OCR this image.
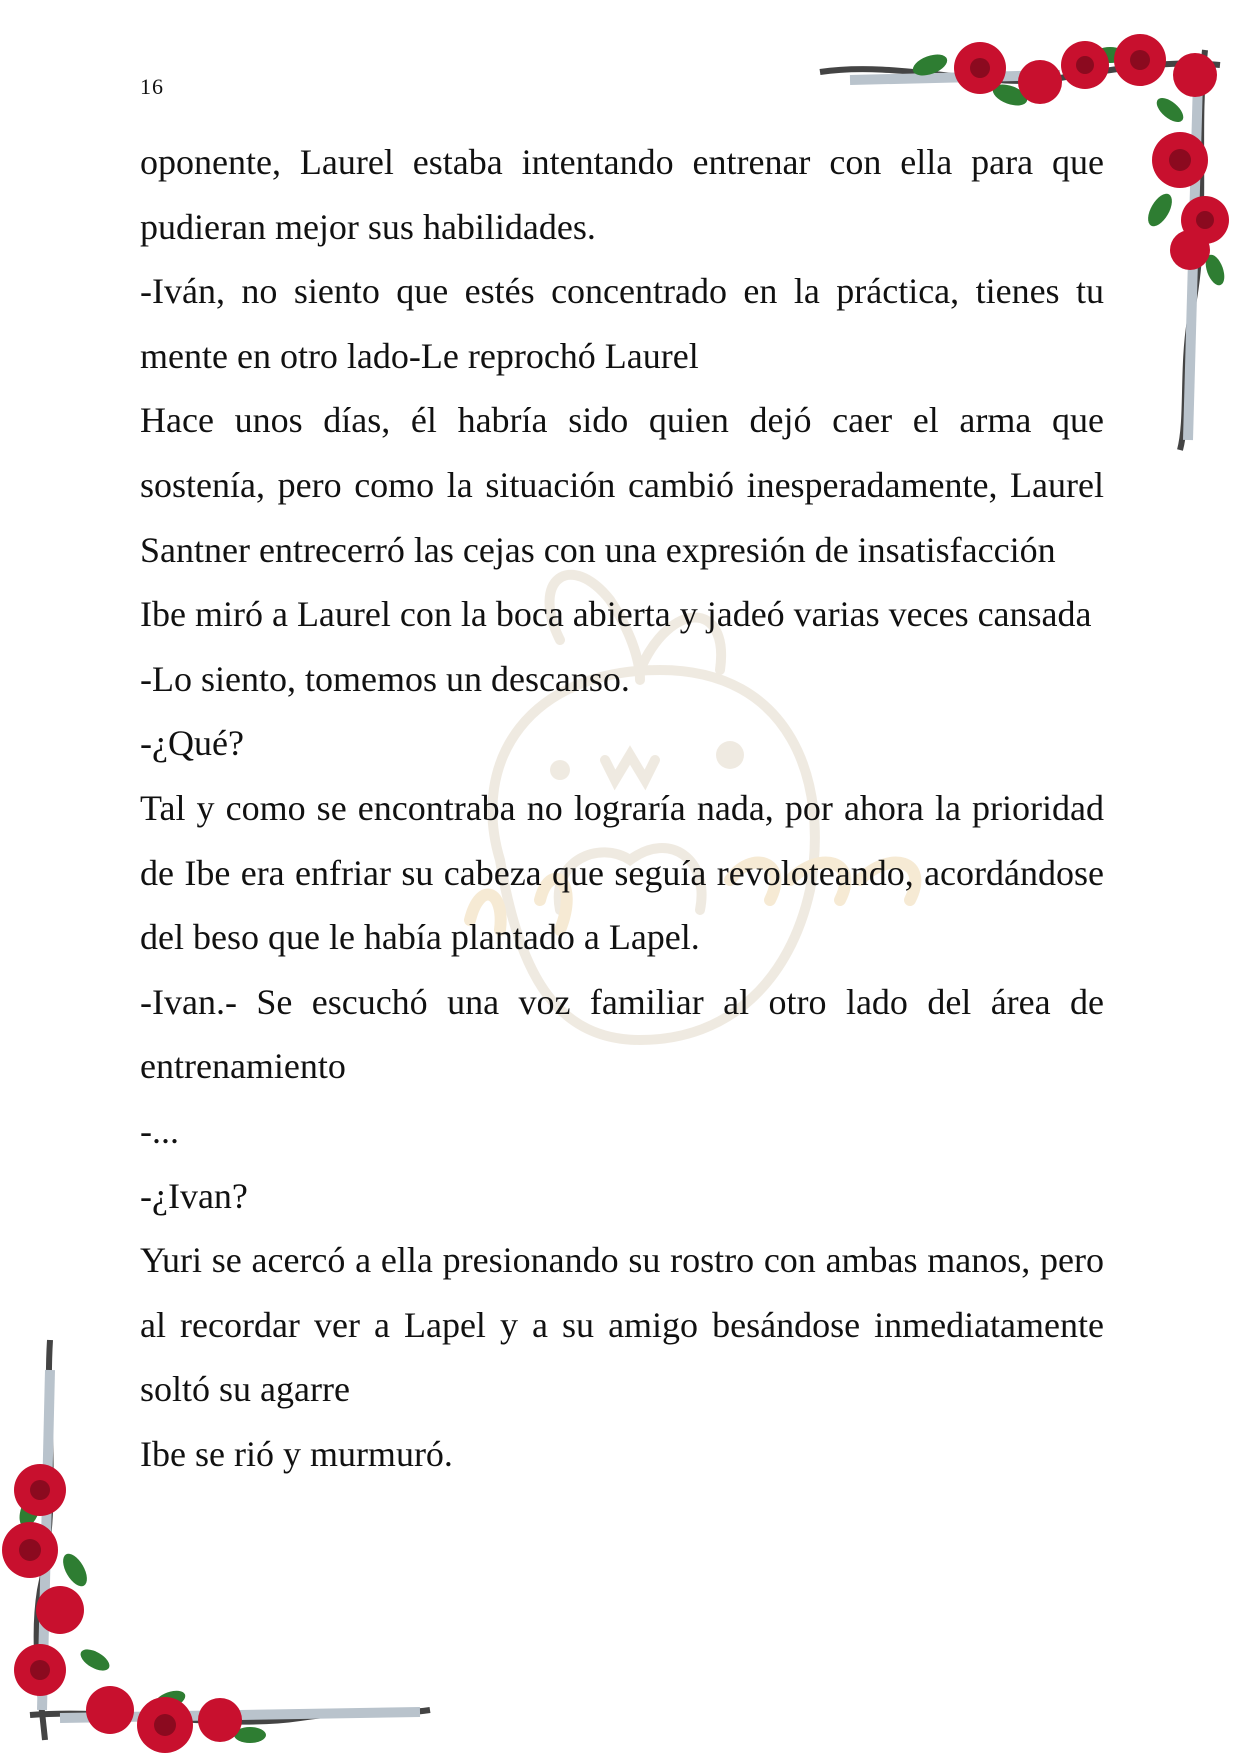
16

oponente, Laurel estaba intentando entrenar con ella para que pudieran mejor sus habilidades.

-Iván, no siento que estés concentrado en la práctica, tienes tu mente en otro lado-Le reprochó Laurel

Hace unos días, él habría sido quien dejó caer el arma que sostenía, pero como la situación cambió inesperadamente, Laurel Santner entrecerró las cejas con una expresión de insatisfacción

Ibe miró a Laurel con la boca abierta y jadeó varias veces cansada

-Lo siento, tomemos un descanso.

-¿Qué?

Tal y como se encontraba no lograría nada, por ahora la prioridad de Ibe era enfriar su cabeza que seguía revoloteando, acordándose del beso que le había plantado a Lapel.

-Ivan.- Se escuchó una voz familiar al otro lado del área de entrenamiento

-...

-¿Ivan?

Yuri se acercó a ella presionando su rostro con ambas manos, pero al recordar ver a Lapel y a su amigo besándose inmediatamente soltó su agarre

Ibe se rió y murmuró.
